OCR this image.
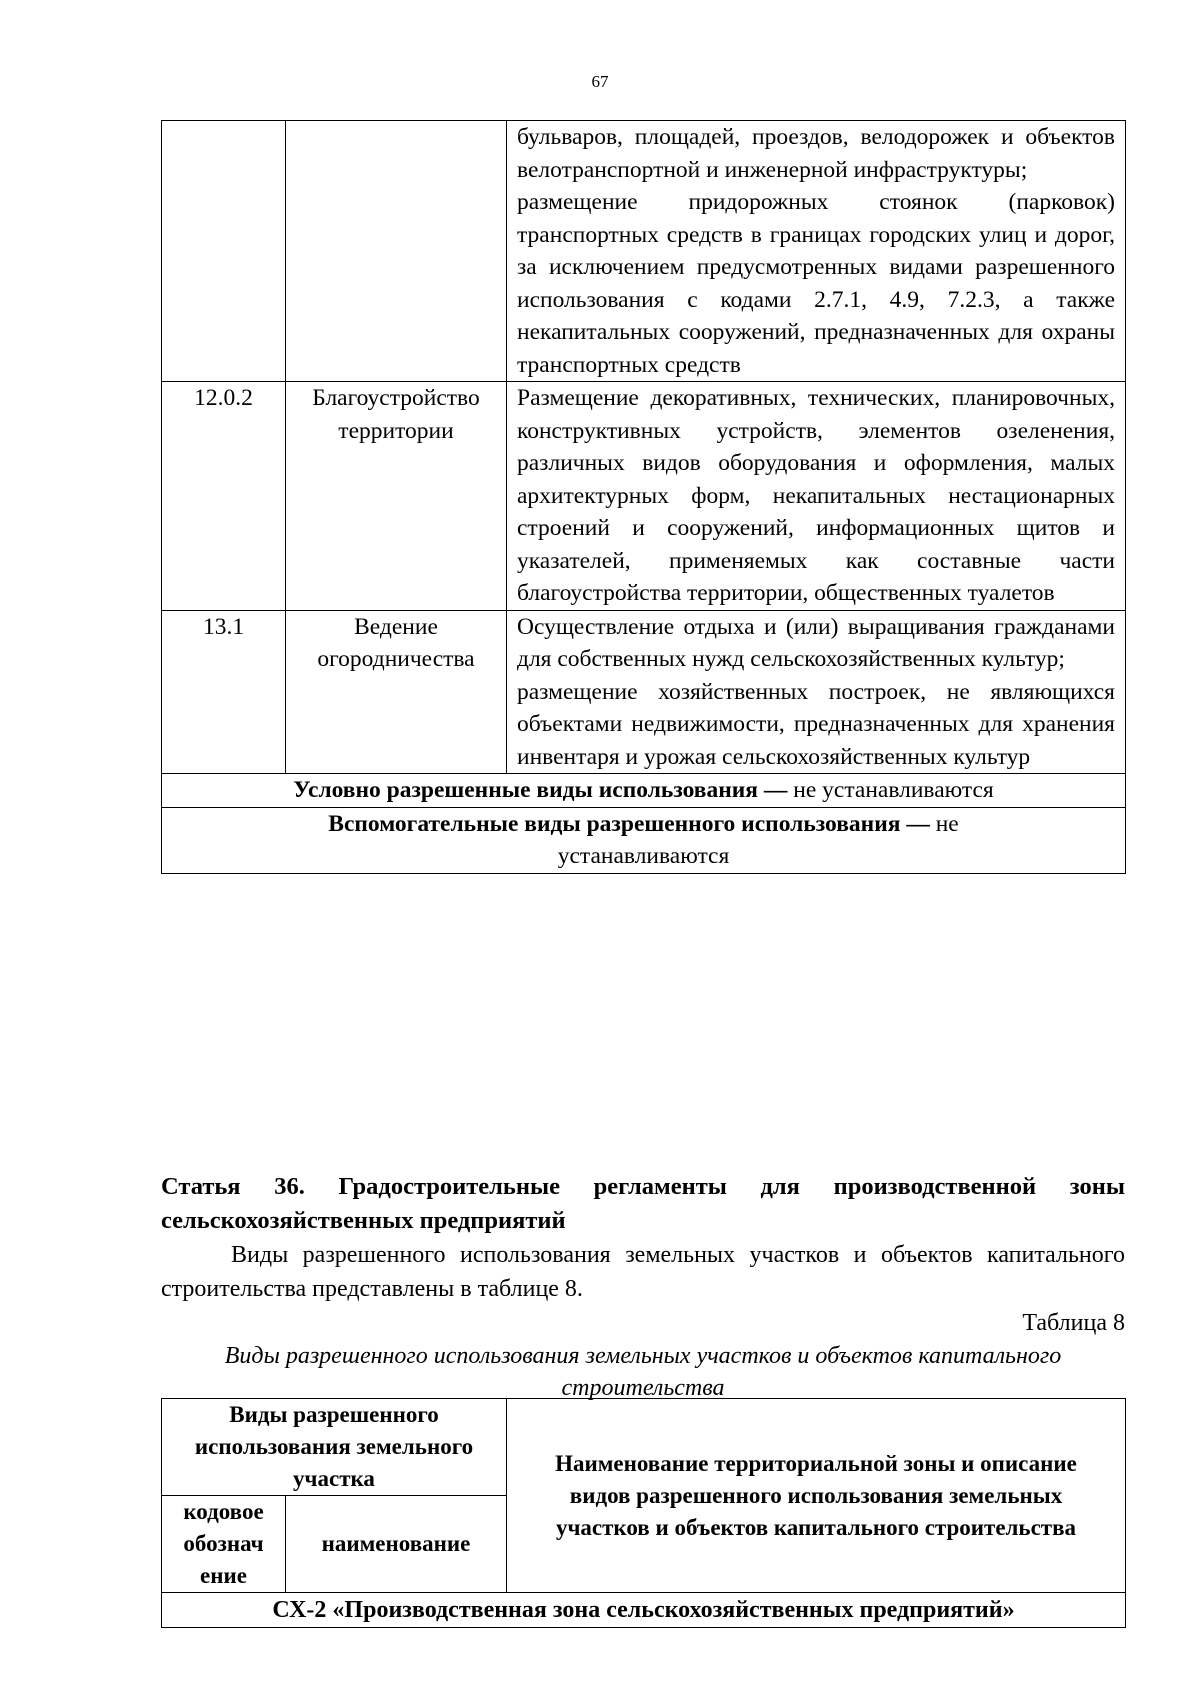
67

		бульваров, площадей, проездов, велодорожек и объектов велотранспортной и инженерной инфраструктуры;

размещение придорожных стоянок (парковок) транспортных средств в границах городских улиц и дорог, за исключением предусмотренных видами разрешенного использования с кодами 2.7.1, 4.9, 7.2.3, а также некапитальных сооружений, предназначенных для охраны транспортных средств

12.0.2	Благоустройство территории	Размещение декоративных, технических, планировочных, конструктивных устройств, элементов озеленения, различных видов оборудования и оформления, малых архитектурных форм, некапитальных нестационарных строений и сооружений, информационных щитов и указателей, применяемых как составные части благоустройства территории, общественных туалетов

13.1	Ведение огородничества	Осуществление отдыха и (или) выращивания гражданами для собственных нужд сельскохозяйственных культур;

размещение хозяйственных построек, не являющихся объектами недвижимости, предназначенных для хранения инвентаря и урожая сельскохозяйственных культур

Условно разрешенные виды использования — не устанавливаются		
Вспомогательные виды разрешенного использования — не устанавливаются		

Статья 36. Градостроительные регламенты для производственной зоны сельскохозяйственных предприятий

Виды разрешенного использования земельных участков и объектов капитального строительства представлены в таблице 8.

Таблица 8

Виды разрешенного использования земельных участков и объектов капитального строительства

Виды разрешенного использования земельного участка		Наименование территориальной зоны и описание видов разрешенного использования земельных участков и объектов капитального строительства
кодовое обознач ение	наименование	
СХ-2 «Производственная зона сельскохозяйственных предприятий»		
